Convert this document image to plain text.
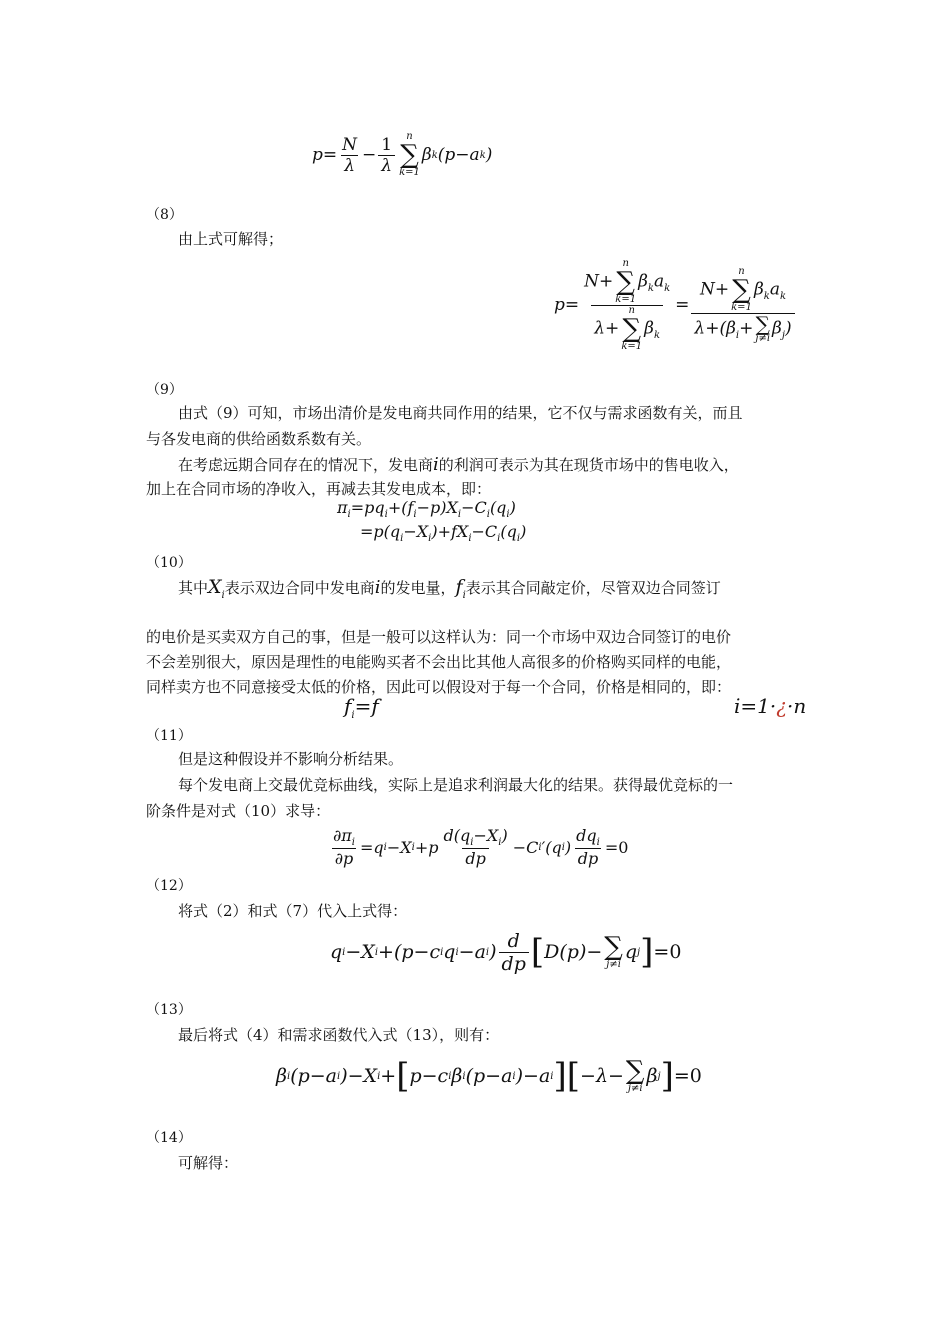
$p= \frac{N}{\lambda} - \frac{1}{\lambda}$ n
∑
k=1
β k (p−a k )
（8）
由上式可解得；
p= N+
n
∑
k=1
$\beta_ka_k$
λ+
n
∑
k=1
$\beta_k = N+$
n
∑
k=1
$\beta_ka_k$
$\lambda+(\beta_i+$ ∑
j≠i $\beta_j$)
（9）
由式（9）可知，市场出清价是发电商共同作用的结果，它不仅与需求函数有关，而且
与各发电商的供给函数系数有关。
在考虑远期合同存在的情况下，发电商i的利润可表示为其在现货市场中的售电收入，
加上在合同市场的净收入，再减去其发电成本，即：
$\pi_i=pq_i+(f_i-p)X_i-C_i(q_i)$
$=p(q_i-X_i)+fX_i-C_i(q_i)$
（10）
其中$X_i$表示双边合同中发电商i的发电量，$f_i$表示其合同敲定价，尽管双边合同签订
的电价是买卖双方自己的事，但是一般可以这样认为：同一个市场中双边合同签订的电价
不会差别很大，原因是理性的电能购买者不会出比其他人高很多的价格购买同样的电能，
同样卖方也不同意接受太低的价格，因此可以假设对于每一个合同，价格是相同的，即：
$f_i=f$	i=1·¿·n
（11）
但是这种假设并不影响分析结果。
每个发电商上交最优竞标曲线，实际上是追求利润最大化的结果。获得最优竞标的一
阶条件是对式（10）求导：
$\frac{\partial\pi_i}{\partial p} =q$ i −X $i +p \frac{d(q_i-X_i)}{dp} -C$ i ′(q i ) $\frac{dq_i}{dp} = 0$
（12）
将式（2）和式（7）代入上式得：
q i −X i +(p−c i q i −a i ) $\frac{d}{dp}$ [ D(p)− ∑
j≠i
q j ] = 0
（13）
最后将式（4）和需求函数代入式（13），则有：
β i (p−a i )−X i + [ p−c i β i (p−a i )−a i ] [ −λ− ∑
j≠i
β j ] = 0
（14）
可解得：
